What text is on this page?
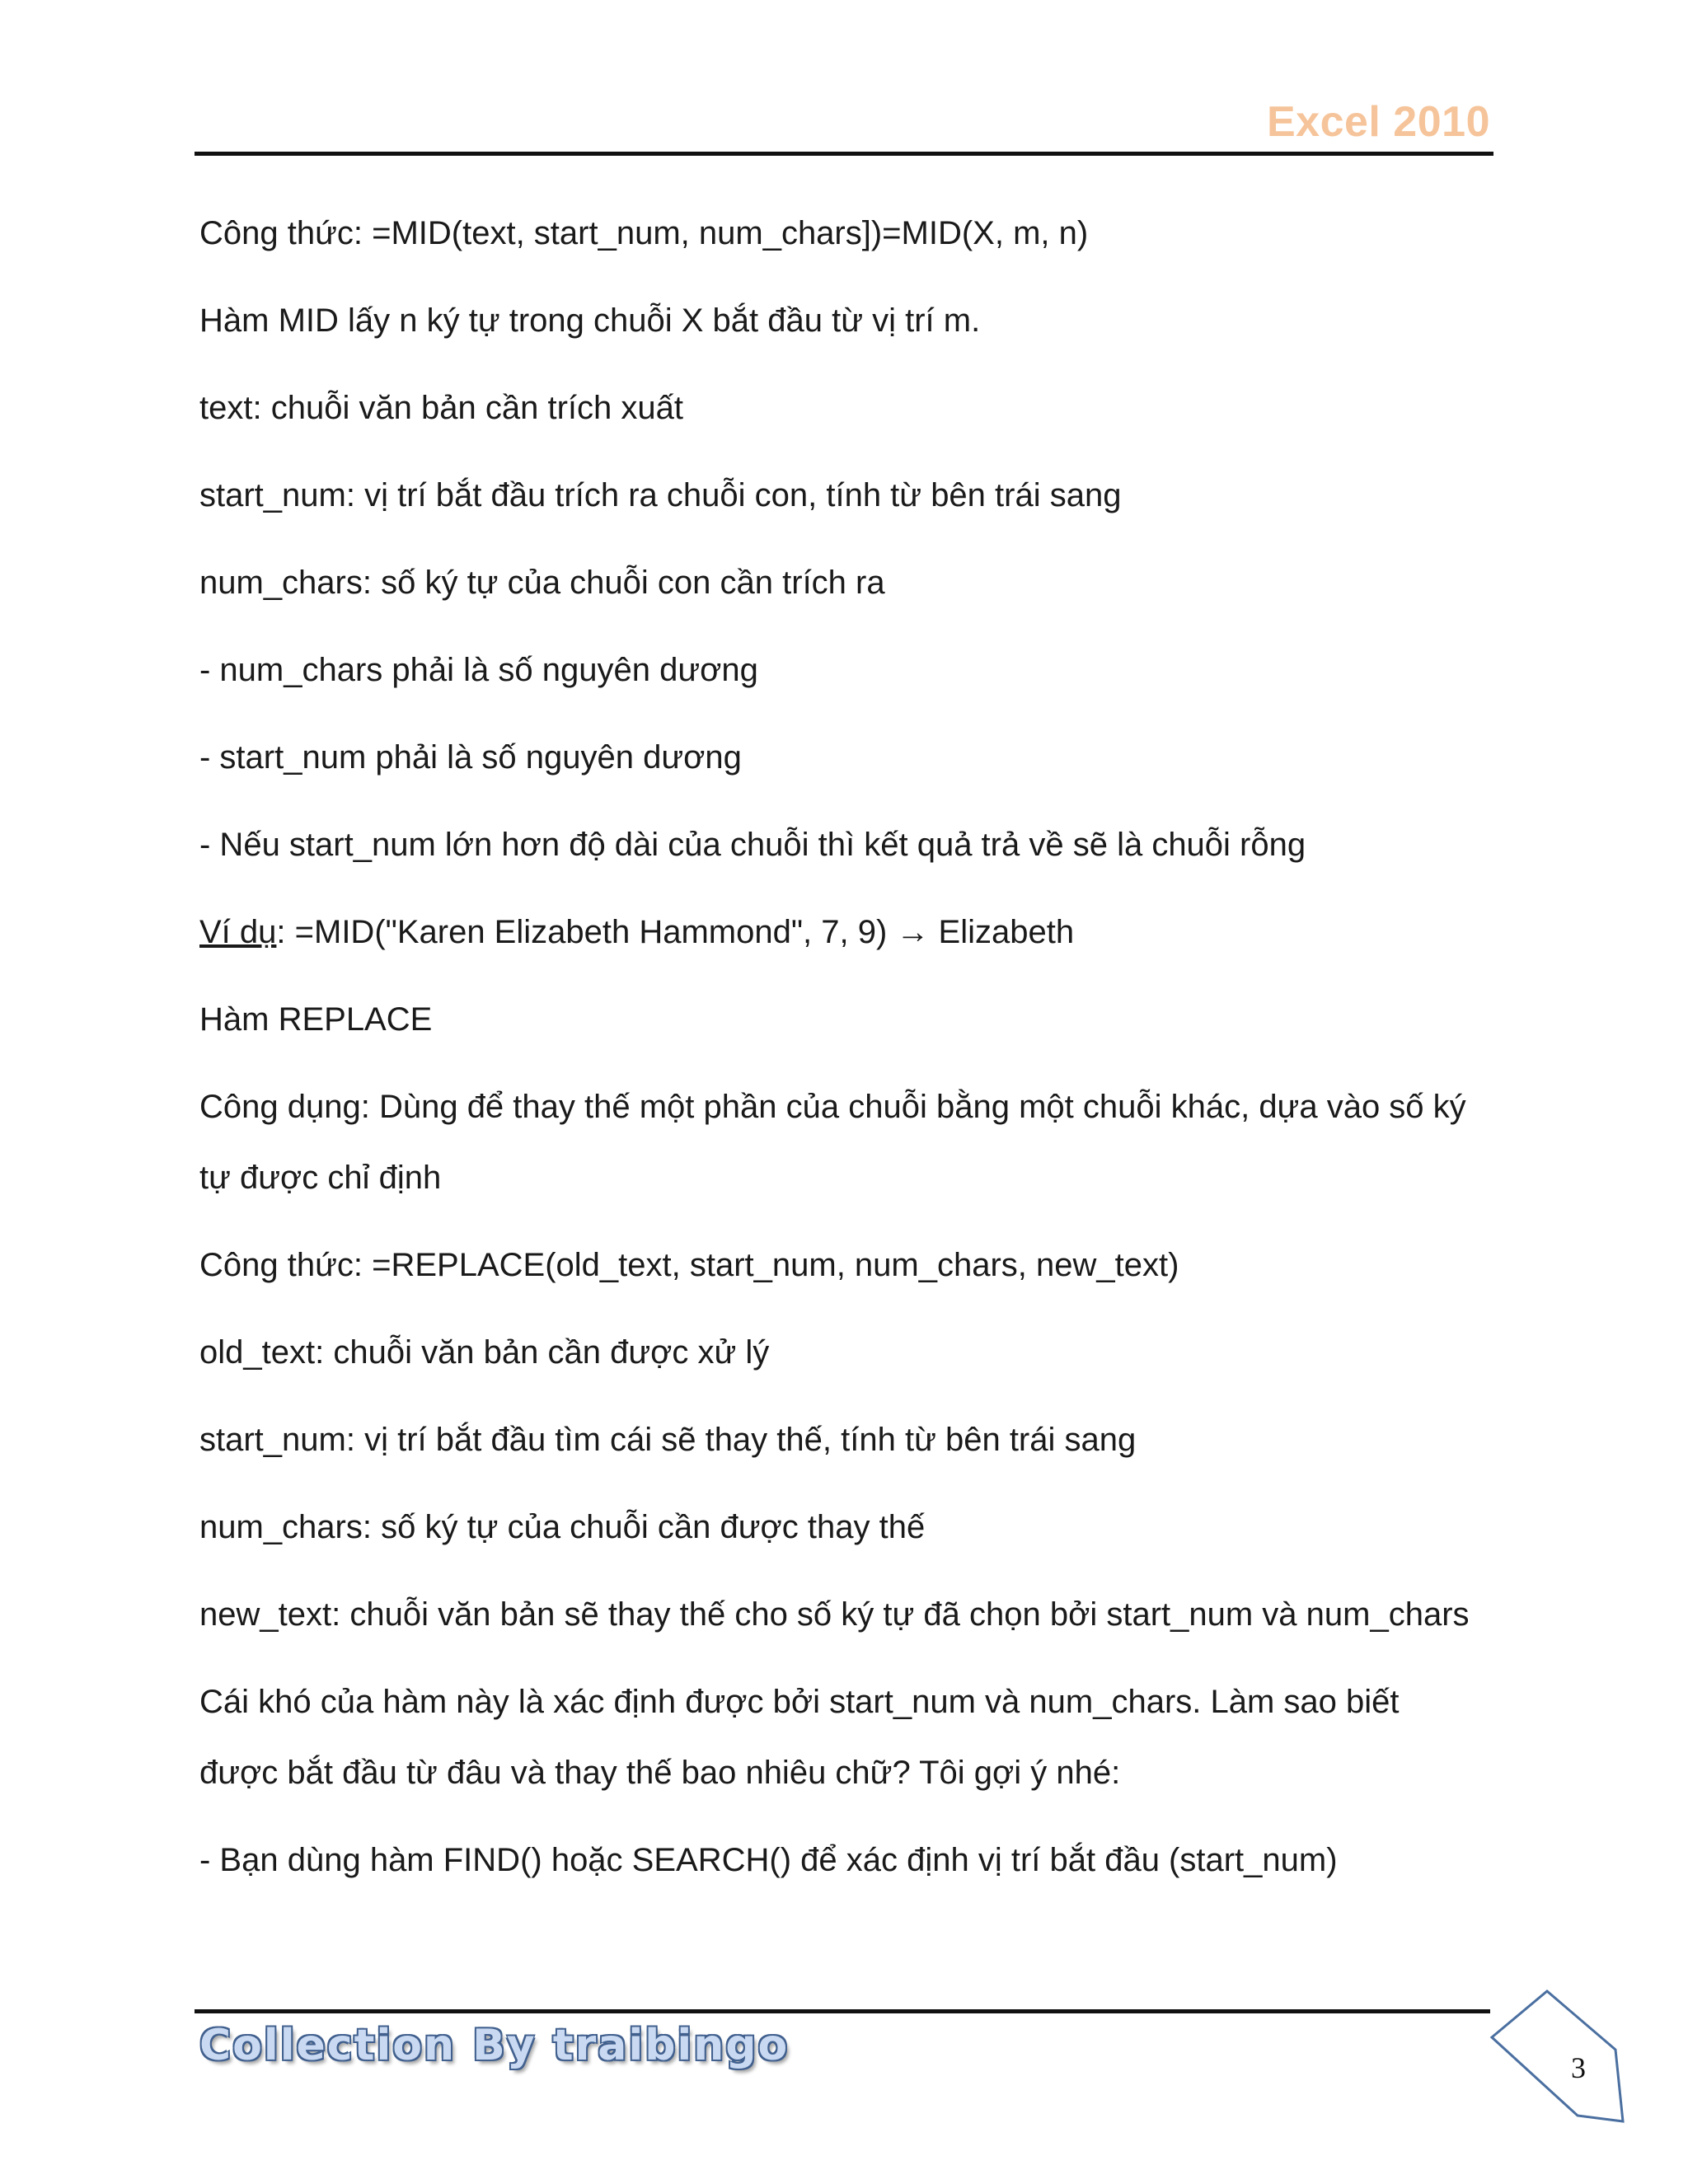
Excel 2010

Công thức: =MID(text, start_num, num_chars])=MID(X, m, n)

Hàm MID lấy n ký tự trong chuỗi X bắt đầu từ vị trí m.

text: chuỗi văn bản cần trích xuất

start_num: vị trí bắt đầu trích ra chuỗi con, tính từ bên trái sang

num_chars: số ký tự của chuỗi con cần trích ra

- num_chars phải là số nguyên dương

- start_num phải là số nguyên dương

- Nếu start_num lớn hơn độ dài của chuỗi thì kết quả trả về sẽ là chuỗi rỗng

Ví dụ: =MID("Karen Elizabeth Hammond", 7, 9) → Elizabeth

Hàm REPLACE

Công dụng: Dùng để thay thế một phần của chuỗi bằng một chuỗi khác, dựa vào số ký tự được chỉ định

Công thức: =REPLACE(old_text, start_num, num_chars, new_text)

old_text: chuỗi văn bản cần được xử lý

start_num: vị trí bắt đầu tìm cái sẽ thay thế, tính từ bên trái sang

num_chars: số ký tự của chuỗi cần được thay thế

new_text: chuỗi văn bản sẽ thay thế cho số ký tự đã chọn bởi start_num và num_chars

Cái khó của hàm này là xác định được bởi start_num và num_chars. Làm sao biết được bắt đầu từ đâu và thay thế bao nhiêu chữ? Tôi gợi ý nhé:

- Bạn dùng hàm FIND() hoặc SEARCH() để xác định vị trí bắt đầu (start_num)

Collection By traibingo	3
